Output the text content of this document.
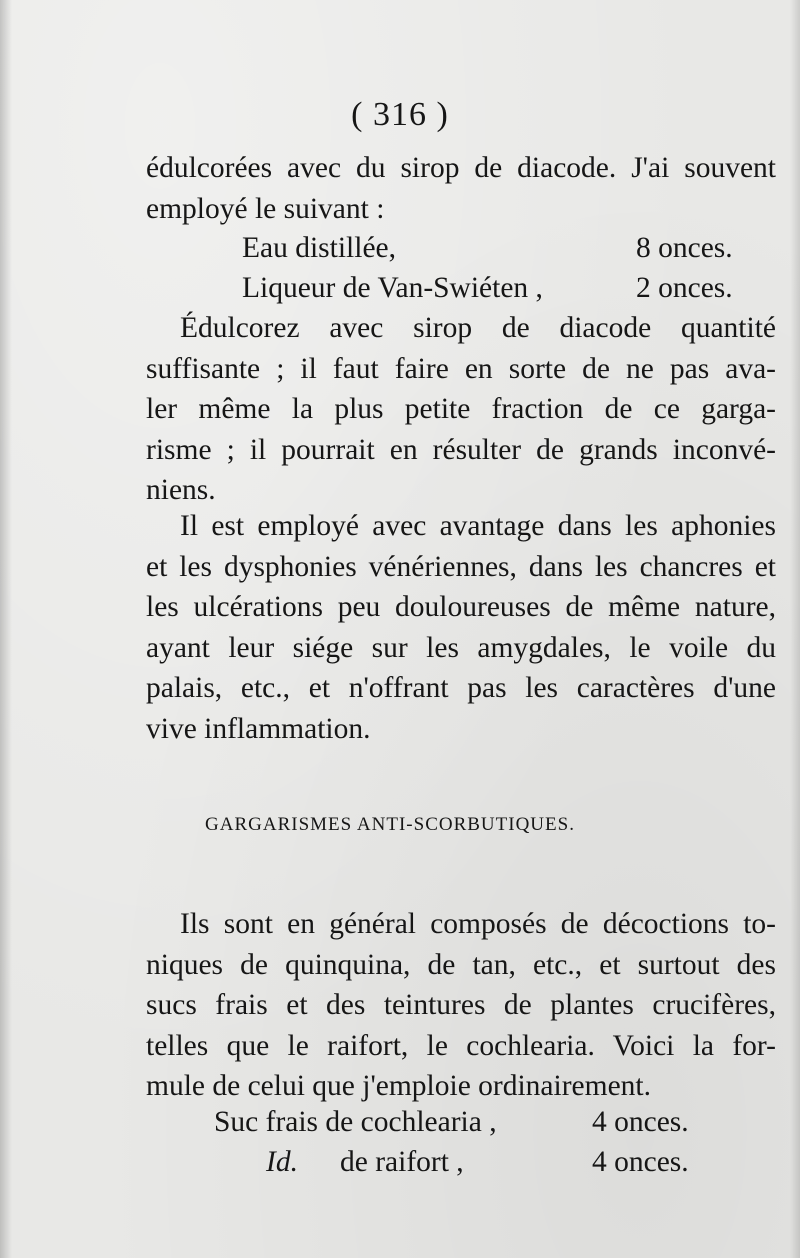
( 316 )
édulcorées avec du sirop de diacode. J'ai souvent
employé le suivant :
Eau distillée,	8 onces.
Liqueur de Van-Swiéten ,	2 onces.
Édulcorez avec sirop de diacode quantité
suffisante ; il faut faire en sorte de ne pas ava-
ler même la plus petite fraction de ce garga-
risme ; il pourrait en résulter de grands inconvé-
niens.
Il est employé avec avantage dans les aphonies
et les dysphonies vénériennes, dans les chancres et
les ulcérations peu douloureuses de même nature,
ayant leur siége sur les amygdales, le voile du
palais, etc., et n'offrant pas les caractères d'une
vive inflammation.
GARGARISMES ANTI-SCORBUTIQUES.
Ils sont en général composés de décoctions to-
niques de quinquina, de tan, etc., et surtout des
sucs frais et des teintures de plantes crucifères,
telles que le raifort, le cochlearia. Voici la for-
mule de celui que j'emploie ordinairement.
Suc frais de cochlearia ,	4 onces.
Id. de raifort ,	4 onces.
